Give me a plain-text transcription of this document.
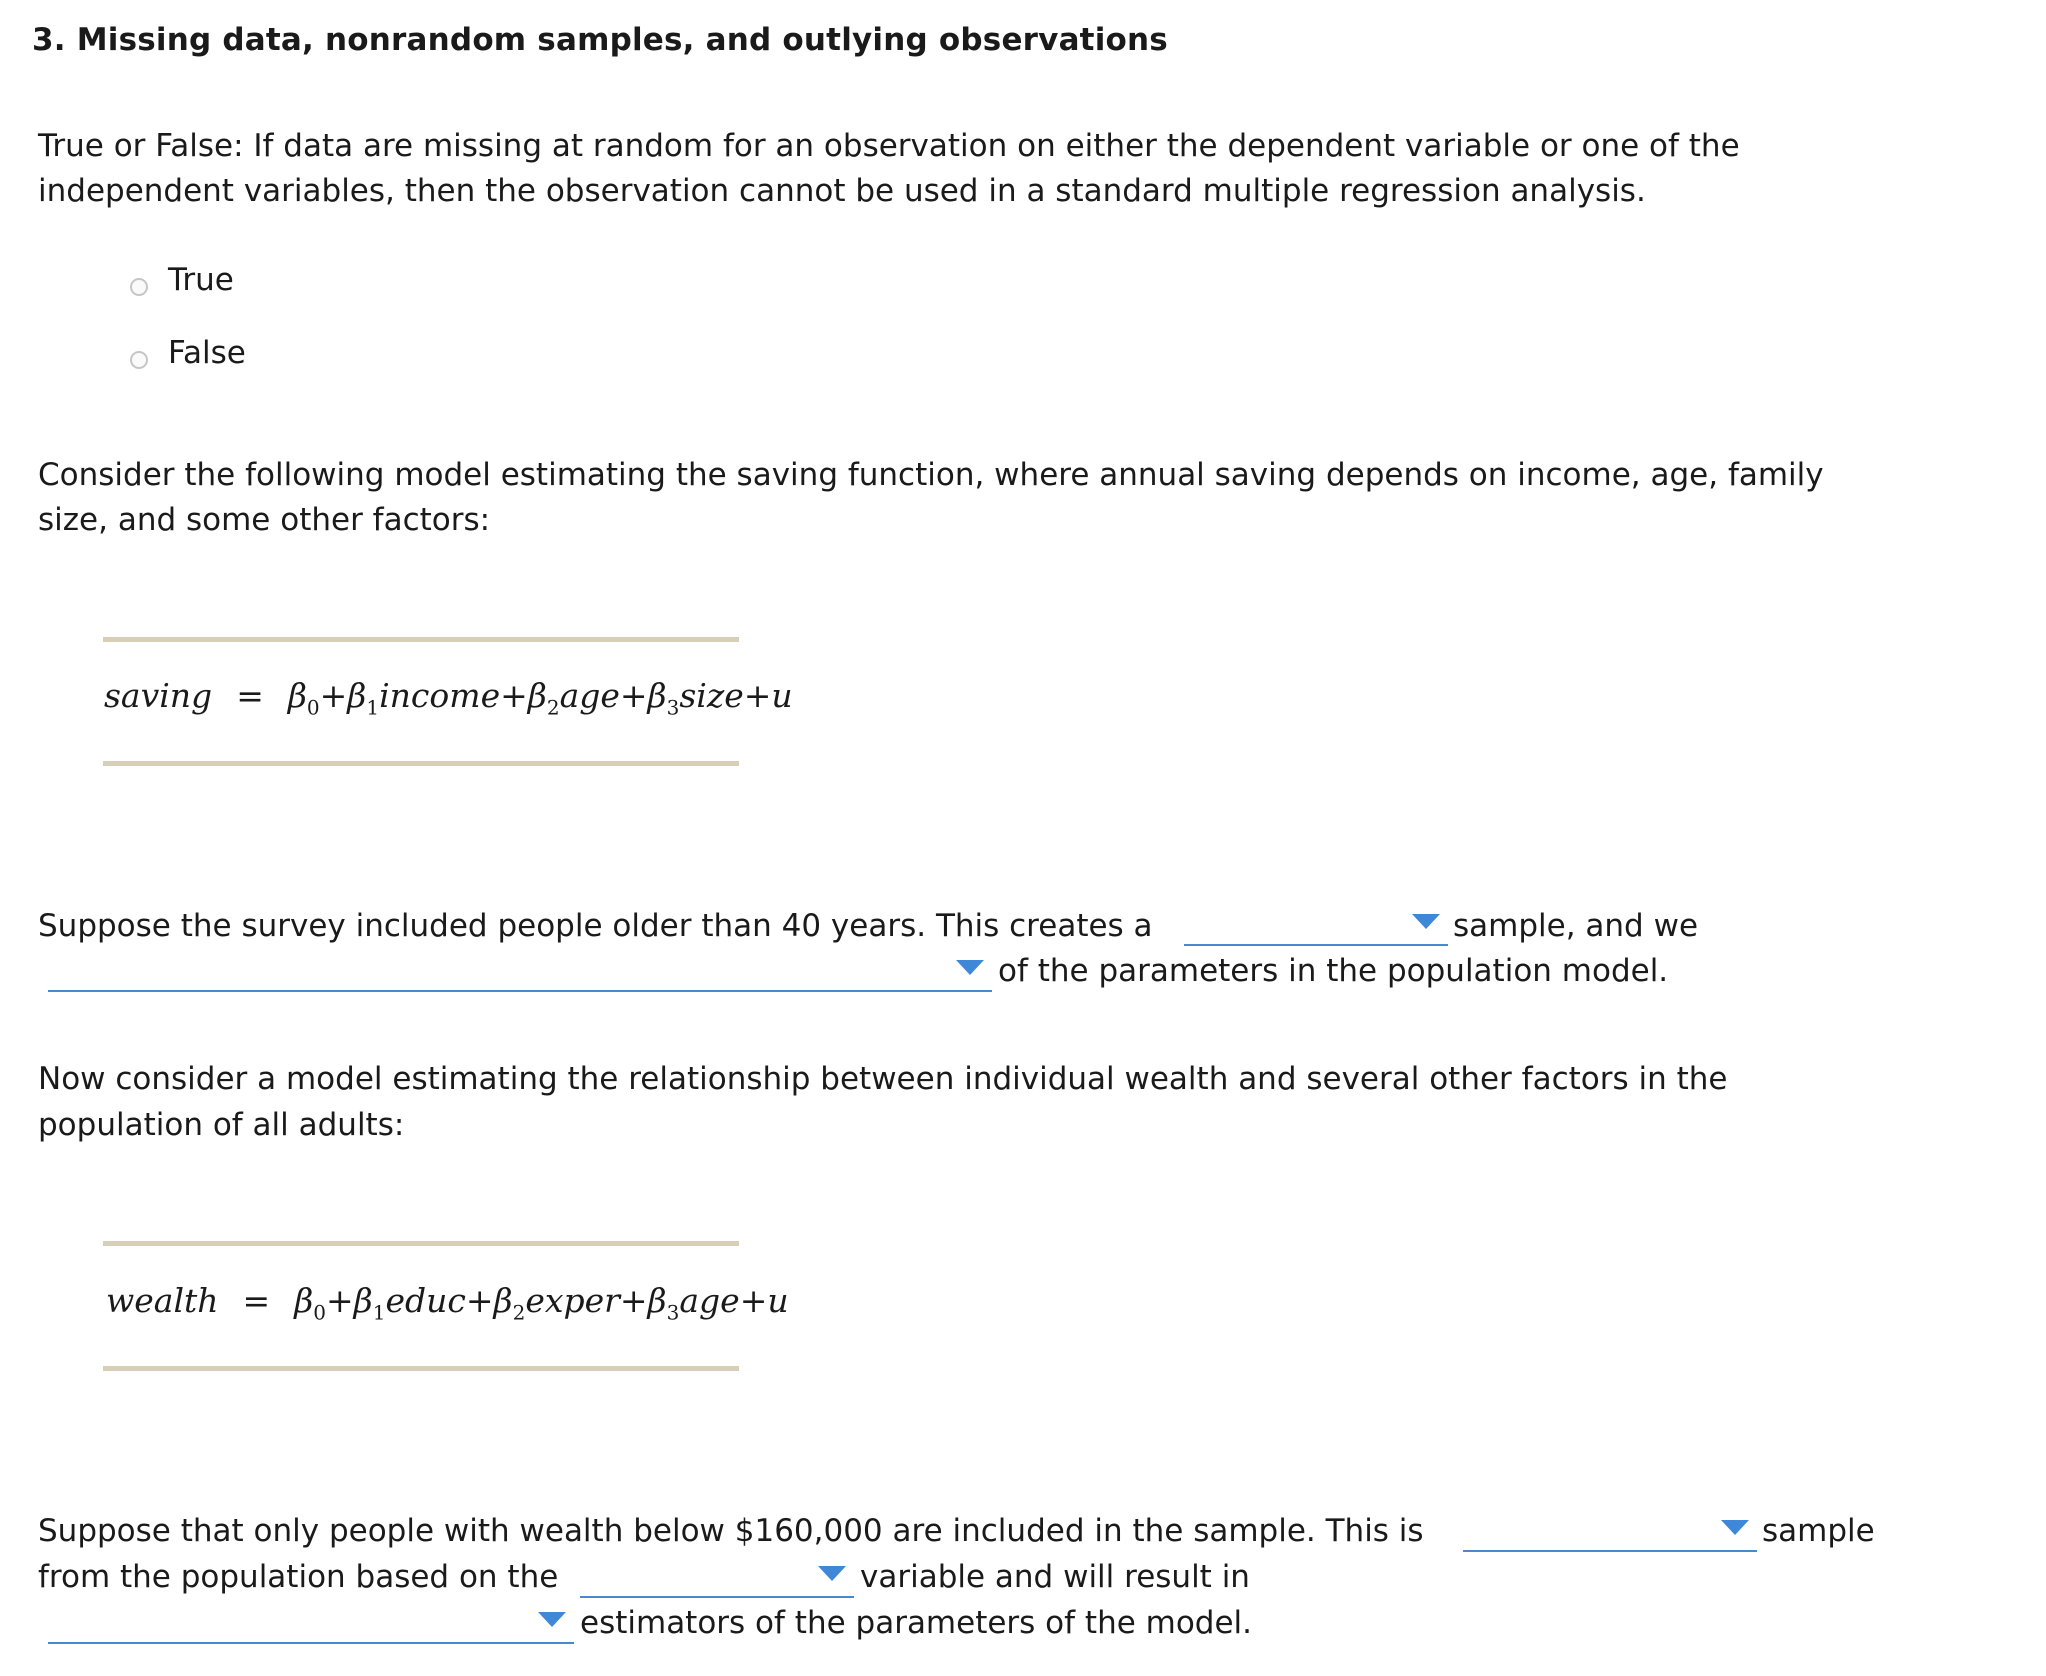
3. Missing data, nonrandom samples, and outlying observations
True or False: If data are missing at random for an observation on either the dependent variable or one of the
independent variables, then the observation cannot be used in a standard multiple regression analysis.
True
False
Consider the following model estimating the saving function, where annual saving depends on income, age, family
size, and some other factors:
saving = $\beta_0 +\beta_1$ $income+\beta_2$ $age+\beta_3$ size+u
Suppose the survey included people older than 40 years. This creates a	sample, and we
of the parameters in the population model.
Now consider a model estimating the relationship between individual wealth and several other factors in the
population of all adults:
wealth = $\beta_0 +\beta_1$ $educ+\beta_2$ $exper+\beta_3$ age+u
Suppose that only people with wealth below $160,000 are included in the sample. This is	sample
from the population based on the	variable and will result in
estimators of the parameters of the model.
